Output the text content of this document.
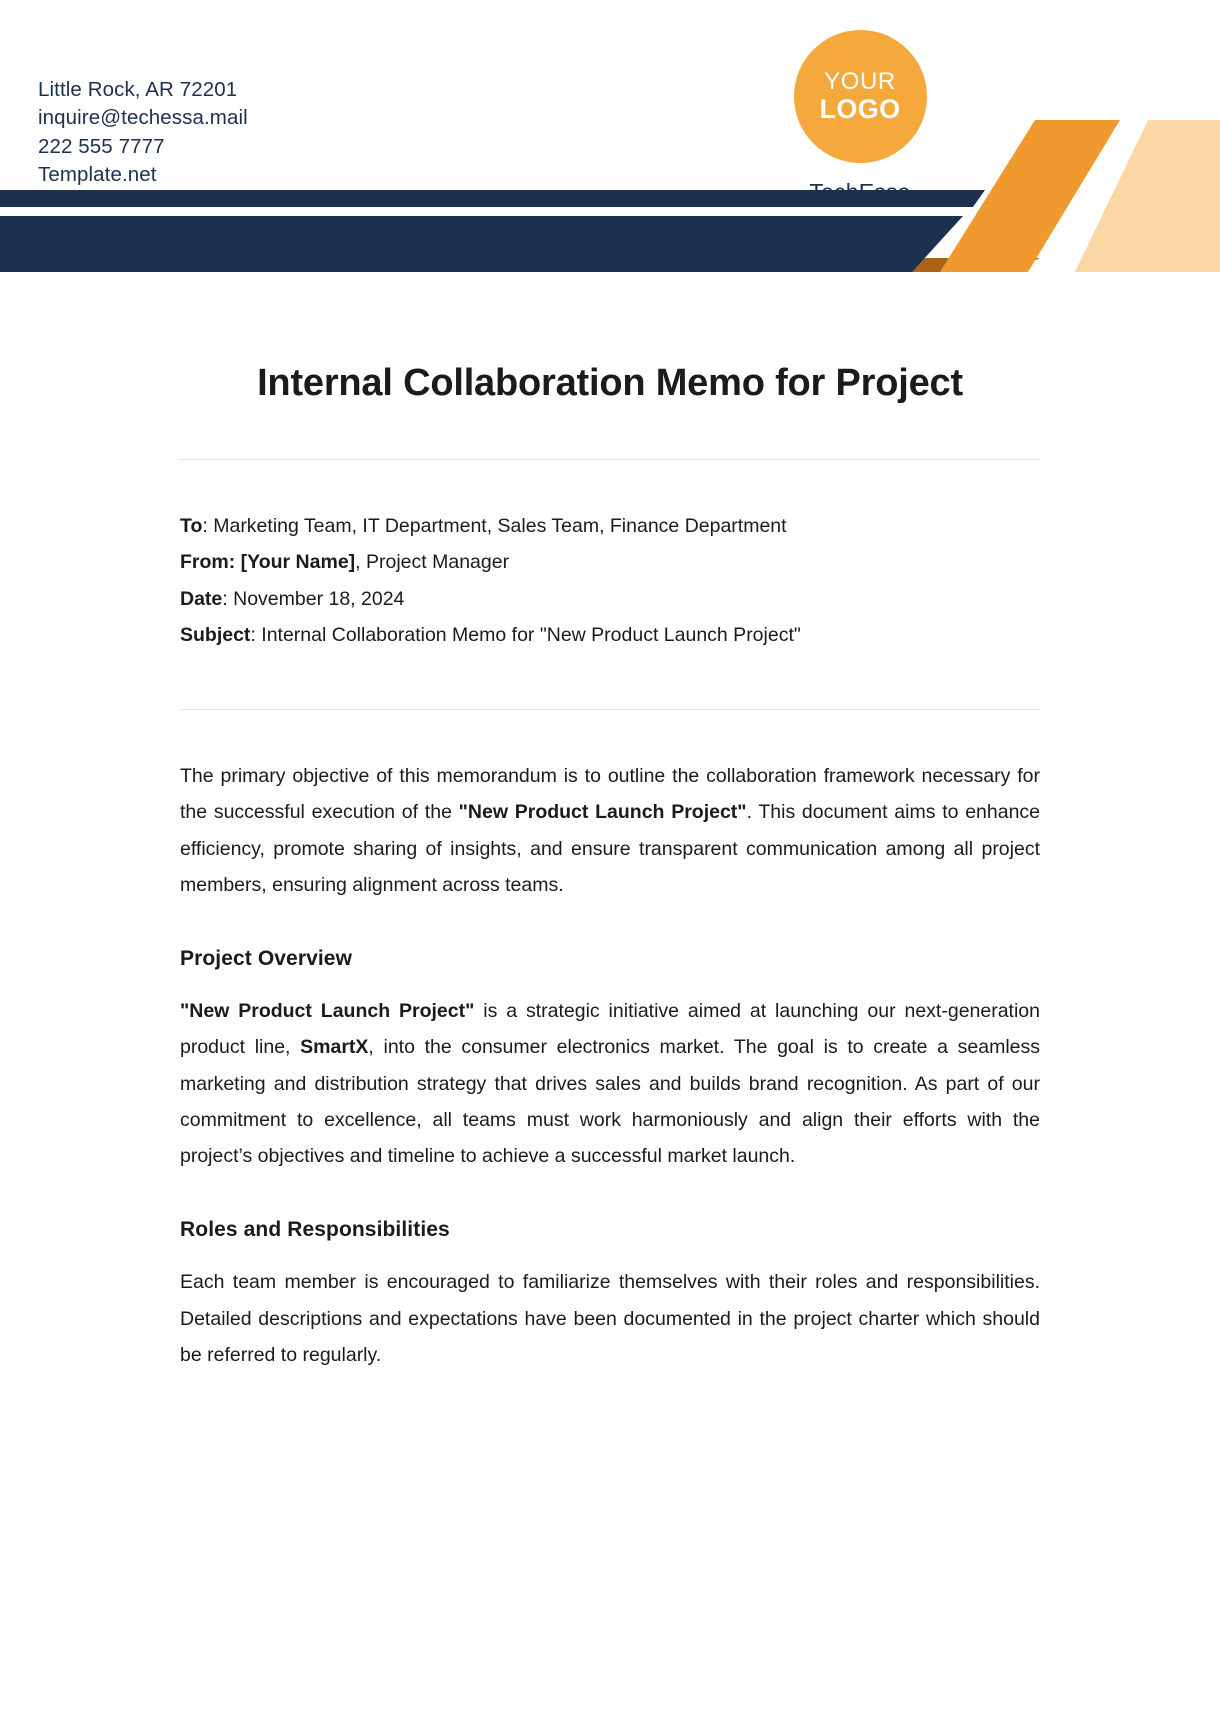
Little Rock, AR 72201
inquire@techessa.mail
222 555 7777
Template.net
YOUR
LOGO
TechEssa
Internal Collaboration Memo for Project
To: Marketing Team, IT Department, Sales Team, Finance Department
From: [Your Name], Project Manager
Date: November 18, 2024
Subject: Internal Collaboration Memo for "New Product Launch Project"

The primary objective of this memorandum is to outline the collaboration framework necessary for the successful execution of the "New Product Launch Project". This document aims to enhance efficiency, promote sharing of insights, and ensure transparent communication among all project members, ensuring alignment across teams.

Project Overview

"New Product Launch Project" is a strategic initiative aimed at launching our next-generation product line, SmartX, into the consumer electronics market. The goal is to create a seamless marketing and distribution strategy that drives sales and builds brand recognition. As part of our commitment to excellence, all teams must work harmoniously and align their efforts with the project’s objectives and timeline to achieve a successful market launch.

Roles and Responsibilities

Each team member is encouraged to familiarize themselves with their roles and responsibilities. Detailed descriptions and expectations have been documented in the project charter which should be referred to regularly.
